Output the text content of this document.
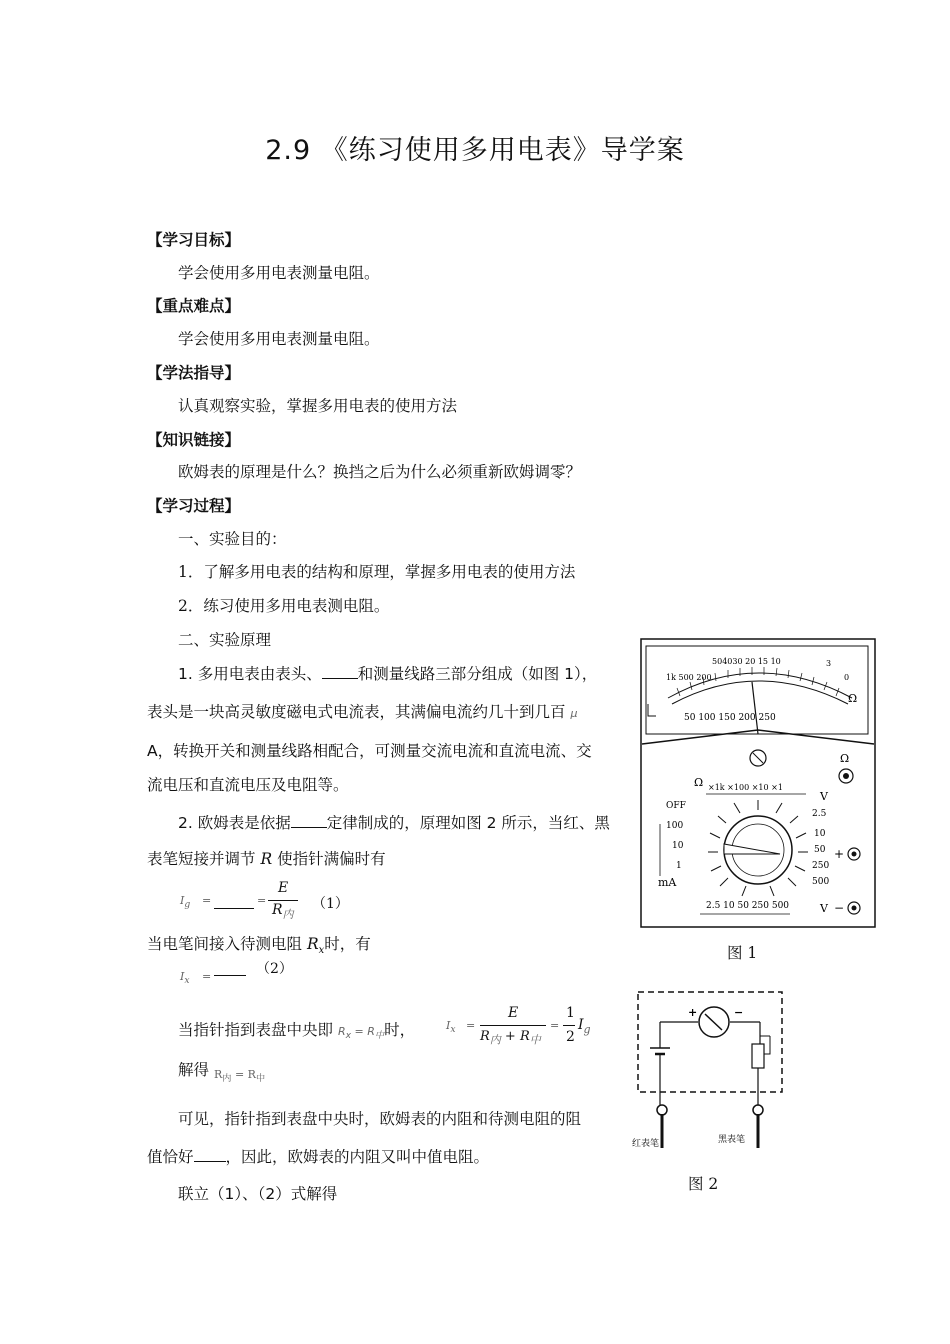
2.9 《练习使用多用电表》导学案
【学习目标】
学会使用多用电表测量电阻。
【重点难点】
学会使用多用电表测量电阻。
【学法指导】
认真观察实验，掌握多用电表的使用方法
【知识链接】
欧姆表的原理是什么？换挡之后为什么必须重新欧姆调零？
【学习过程】
一、实验目的：
1．了解多用电表的结构和原理，掌握多用电表的使用方法
2．练习使用多用电表测电阻。
二、实验原理
1. 多用电表由表头、 和测量线路三部分组成（如图 1），
表头是一块高灵敏度磁电式电流表，其满偏电流约几十到几百 μ
A，转换开关和测量线路相配合，可测量交流电流和直流电流、交
流电压和直流电压及电阻等。
2. 欧姆表是依据 定律制成的，原理如图 2 所示，当红、黑
表笔短接并调节 R 使指针满偏时有
$I_g$ =	=
E
$R_内$
（1）
当电笔间接入待测电阻 $R_x$时，有
$I_x$ =	（2）
当指针指到表盘中央即 $R_x = R_中$时，	$I_x$ =
E
$R_内 + R_中$
=
1
2
$I_g$
解得 $R_内 = R_中$
可见，指针指到表盘中央时，欧姆表的内阻和待测电阻的阻
值恰好 ，因此，欧姆表的内阻又叫中值电阻。
联立（1）、（2）式解得
1k 500 200
504030 20 15 10	3
0
Ω
50 100 150 200 250
Ω ×1k ×100 ×10 ×1
OFF
100
10
1
mA
2.5
10
50
250
500
V
2.5 10 50 250 500
Ω
+
V −
图 1
+	−
红表笔	黑表笔
图 2
